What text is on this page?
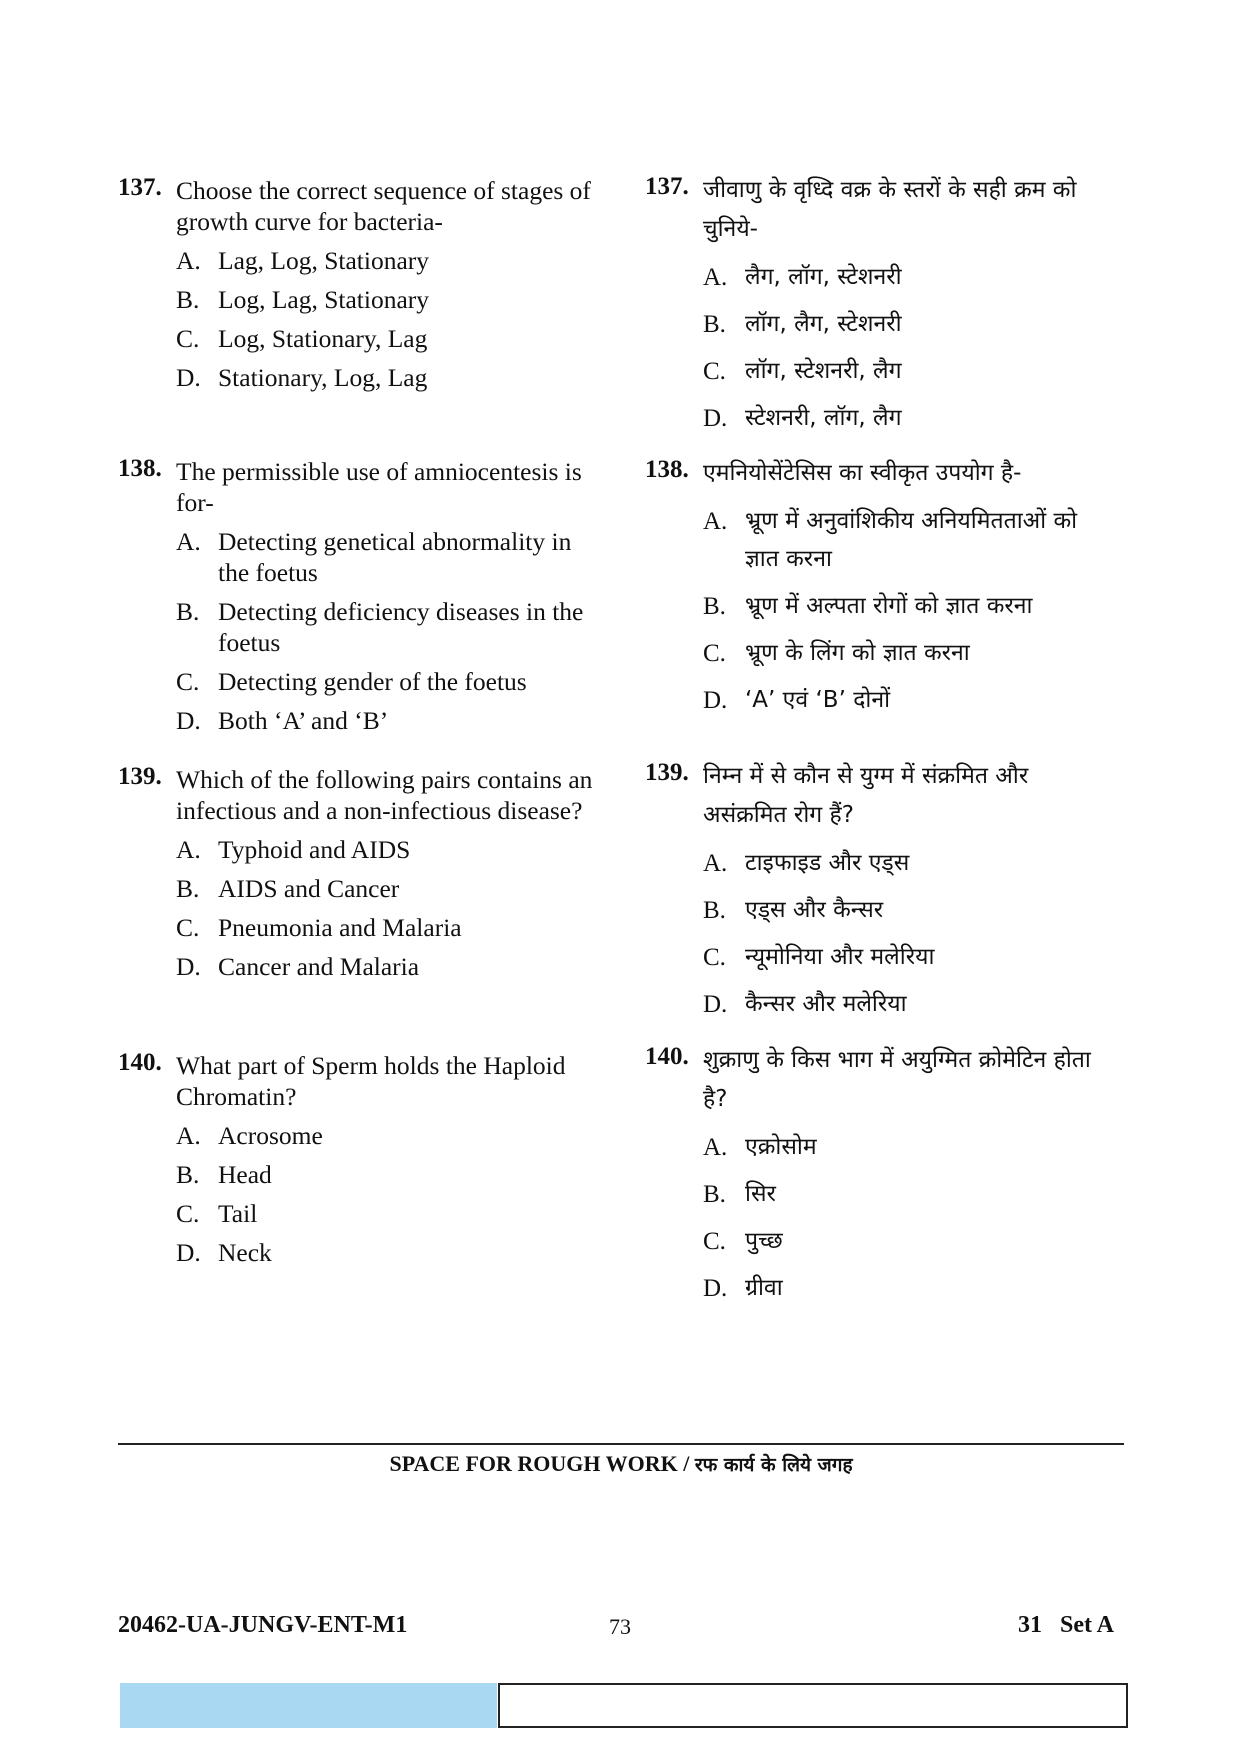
137. Choose the correct sequence of stages of growth curve for bacteria-
A. Lag, Log, Stationary
B. Log, Lag, Stationary
C. Log, Stationary, Lag
D. Stationary, Log, Lag
138. The permissible use of amniocentesis is for-
A. Detecting genetical abnormality in the foetus
B. Detecting deficiency diseases in the foetus
C. Detecting gender of the foetus
D. Both ‘A’ and ‘B’
139. Which of the following pairs contains an infectious and a non-infectious disease?
A. Typhoid and AIDS
B. AIDS and Cancer
C. Pneumonia and Malaria
D. Cancer and Malaria
140. What part of Sperm holds the Haploid Chromatin?
A. Acrosome
B. Head
C. Tail
D. Neck
137. जीवाणु के वृध्दि वक्र के स्तरों के सही क्रम को चुनिये-
A. लैग, लॉग, स्टेशनरी
B. लॉग, लैग, स्टेशनरी
C. लॉग, स्टेशनरी, लैग
D. स्टेशनरी, लॉग, लैग
138. एमनियोसेंटेसिस का स्वीकृत उपयोग है-
A. भ्रूण में अनुवांशिकीय अनियमितताओं को ज्ञात करना
B. भ्रूण में अल्पता रोगों को ज्ञात करना
C. भ्रूण के लिंग को ज्ञात करना
D. ‘A’ एवं ‘B’ दोनों
139. निम्न में से कौन से युग्म में संक्रमित और असंक्रमित रोग हैं?
A. टाइफाइड और एड्स
B. एड्स और कैन्सर
C. न्यूमोनिया और मलेरिया
D. कैन्सर और मलेरिया
140. शुक्राणु के किस भाग में अयुग्मित क्रोमेटिन होता है?
A. एक्रोसोम
B. सिर
C. पुच्छ
D. ग्रीवा
SPACE FOR ROUGH WORK / रफ कार्य के लिये जगह
20462-UA-JUNGV-ENT-M1	73	31   Set A
